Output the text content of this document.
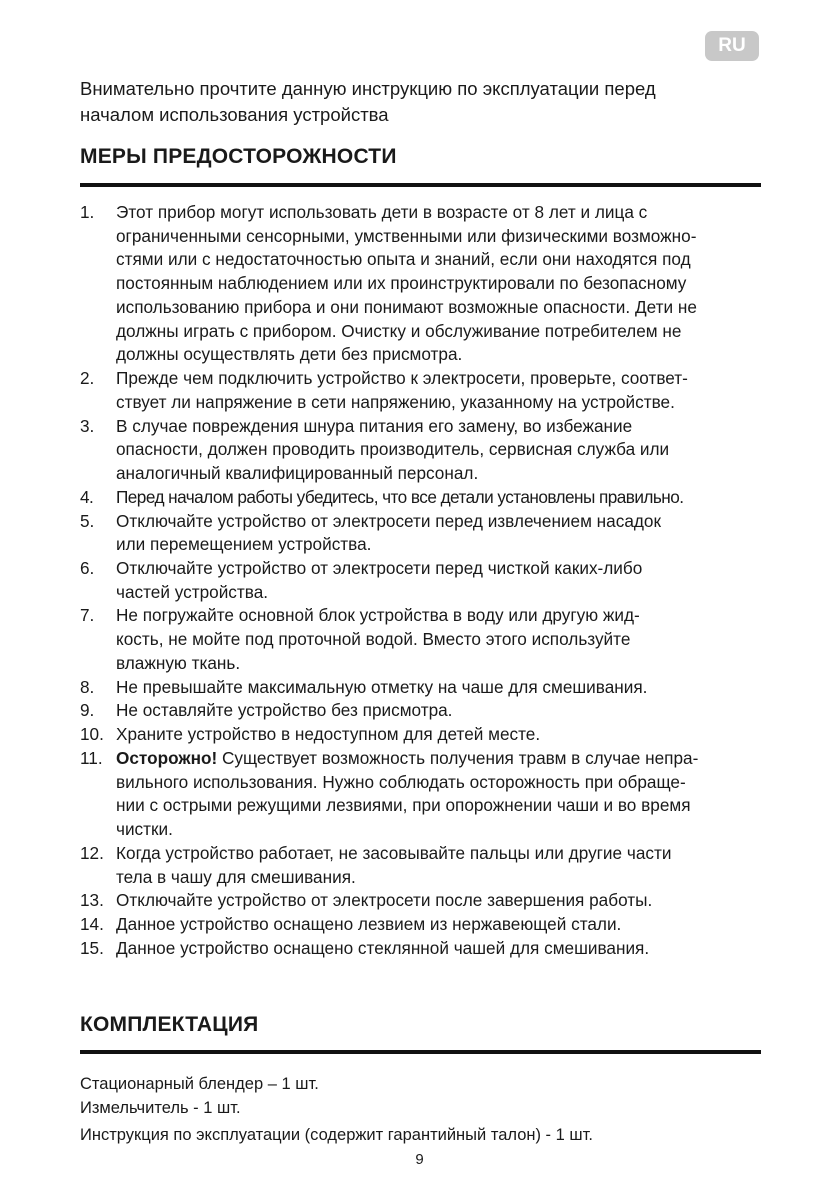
RU
Внимательно прочтите данную инструкцию по эксплуатации перед
началом использования устройства
МЕРЫ ПРЕДОСТОРОЖНОСТИ
1. Этот прибор могут использовать дети в возрасте от 8 лет и лица с
ограниченными сенсорными, умственными или физическими возможно-
стями или с недостаточностью опыта и знаний, если они находятся под
постоянным наблюдением или их проинструктировали по безопасному
использованию прибора и они понимают возможные опасности. Дети не
должны играть с прибором. Очистку и обслуживание потребителем не
должны осуществлять дети без присмотра.
2. Прежде чем подключить устройство к электросети, проверьте, соответ-
ствует ли напряжение в сети напряжению, указанному на устройстве.
3. В случае повреждения шнура питания его замену, во избежание
опасности, должен проводить производитель, сервисная служба или
аналогичный квалифицированный персонал.
4. Перед началом работы убедитесь, что все детали установлены правильно.
5. Отключайте устройство от электросети перед извлечением насадок
или перемещением устройства.
6. Отключайте устройство от электросети перед чисткой каких-либо
частей устройства.
7. Не погружайте основной блок устройства в воду или другую жид-
кость, не мойте под проточной водой. Вместо этого используйте
влажную ткань.
8. Не превышайте максимальную отметку на чаше для смешивания.
9. Не оставляйте устройство без присмотра.
10. Храните устройство в недоступном для детей месте.
11. Осторожно! Существует возможность получения травм в случае непра-
вильного использования. Нужно соблюдать осторожность при обраще-
нии с острыми режущими лезвиями, при опорожнении чаши и во время
чистки.
12. Когда устройство работает, не засовывайте пальцы или другие части
тела в чашу для смешивания.
13. Отключайте устройство от электросети после завершения работы.
14. Данное устройство оснащено лезвием из нержавеющей стали.
15. Данное устройство оснащено стеклянной чашей для смешивания.
КОМПЛЕКТАЦИЯ
Стационарный блендер – 1 шт.
Измельчитель - 1 шт.
Инструкция по эксплуатации (содержит гарантийный талон) - 1 шт.
9
